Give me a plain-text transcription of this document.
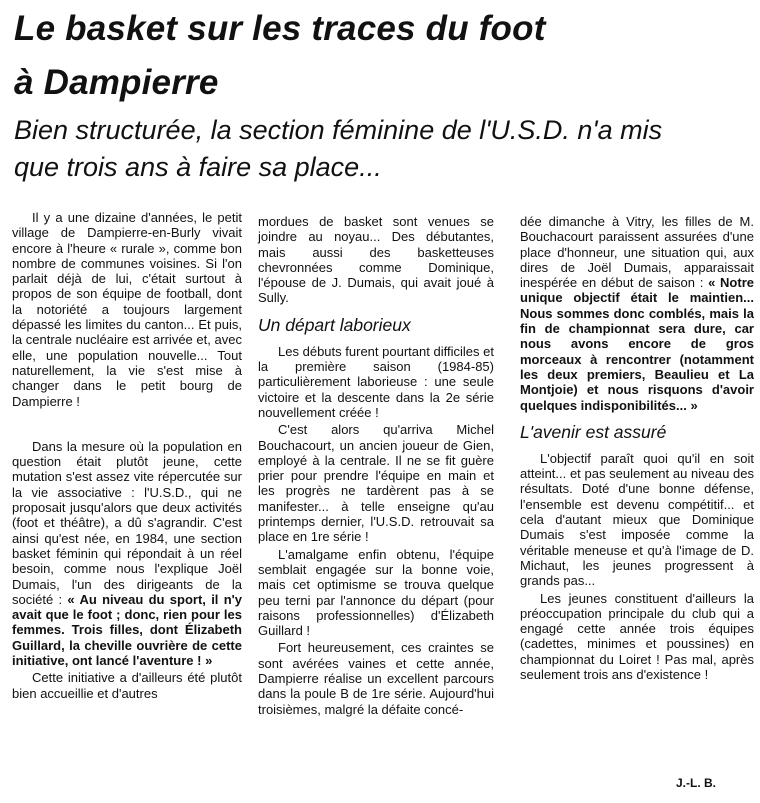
Le basket sur les traces du foot
à Dampierre
Bien structurée, la section féminine de l'U.S.D. n'a mis
que trois ans à faire sa place...

Il y a une dizaine d'années, le petit village de Dampierre-en-Burly vivait encore à l'heure « rurale », comme bon nombre de communes voisines. Si l'on parlait déjà de lui, c'était surtout à propos de son équipe de football, dont la notoriété a toujours largement dépassé les limites du canton... Et puis, la centrale nucléaire est arrivée et, avec elle, une population nouvelle... Tout naturellement, la vie s'est mise à changer dans le petit bourg de Dampierre !

Dans la mesure où la population en question était plutôt jeune, cette mutation s'est assez vite répercutée sur la vie associative : l'U.S.D., qui ne proposait jusqu'alors que deux activités (foot et théâtre), a dû s'agrandir. C'est ainsi qu'est née, en 1984, une section basket féminin qui répondait à un réel besoin, comme nous l'explique Joël Dumais, l'un des dirigeants de la société : « Au niveau du sport, il n'y avait que le foot ; donc, rien pour les femmes. Trois filles, dont Élizabeth Guillard, la cheville ouvrière de cette initiative, ont lancé l'aventure ! »

Cette initiative a d'ailleurs été plutôt bien accueillie et d'autres

mordues de basket sont venues se joindre au noyau... Des débutantes, mais aussi des basketteuses chevronnées comme Dominique, l'épouse de J. Dumais, qui avait joué à Sully.

Un départ laborieux

Les débuts furent pourtant difficiles et la première saison (1984-85) particulièrement laborieuse : une seule victoire et la descente dans la 2e série nouvellement créée !

C'est alors qu'arriva Michel Bouchacourt, un ancien joueur de Gien, employé à la centrale. Il ne se fit guère prier pour prendre l'équipe en main et les progrès ne tardèrent pas à se manifester... à telle enseigne qu'au printemps dernier, l'U.S.D. retrouvait sa place en 1re série !

L'amalgame enfin obtenu, l'équipe semblait engagée sur la bonne voie, mais cet optimisme se trouva quelque peu terni par l'annonce du départ (pour raisons professionnelles) d'Élizabeth Guillard !

Fort heureusement, ces craintes se sont avérées vaines et cette année, Dampierre réalise un excellent parcours dans la poule B de 1re série. Aujourd'hui troisièmes, malgré la défaite concé-

dée dimanche à Vitry, les filles de M. Bouchacourt paraissent assurées d'une place d'honneur, une situation qui, aux dires de Joël Dumais, apparaissait inespérée en début de saison : « Notre unique objectif était le maintien... Nous sommes donc comblés, mais la fin de championnat sera dure, car nous avons encore de gros morceaux à rencontrer (notamment les deux premiers, Beaulieu et La Montjoie) et nous risquons d'avoir quelques indisponibilités... »

L'avenir est assuré

L'objectif paraît quoi qu'il en soit atteint... et pas seulement au niveau des résultats. Doté d'une bonne défense, l'ensemble est devenu compétitif... et cela d'autant mieux que Dominique Dumais s'est imposée comme la véritable meneuse et qu'à l'image de D. Michaut, les jeunes progressent à grands pas...

Les jeunes constituent d'ailleurs la préoccupation principale du club qui a engagé cette année trois équipes (cadettes, minimes et poussines) en championnat du Loiret ! Pas mal, après seulement trois ans d'existence !

J.-L. B.
